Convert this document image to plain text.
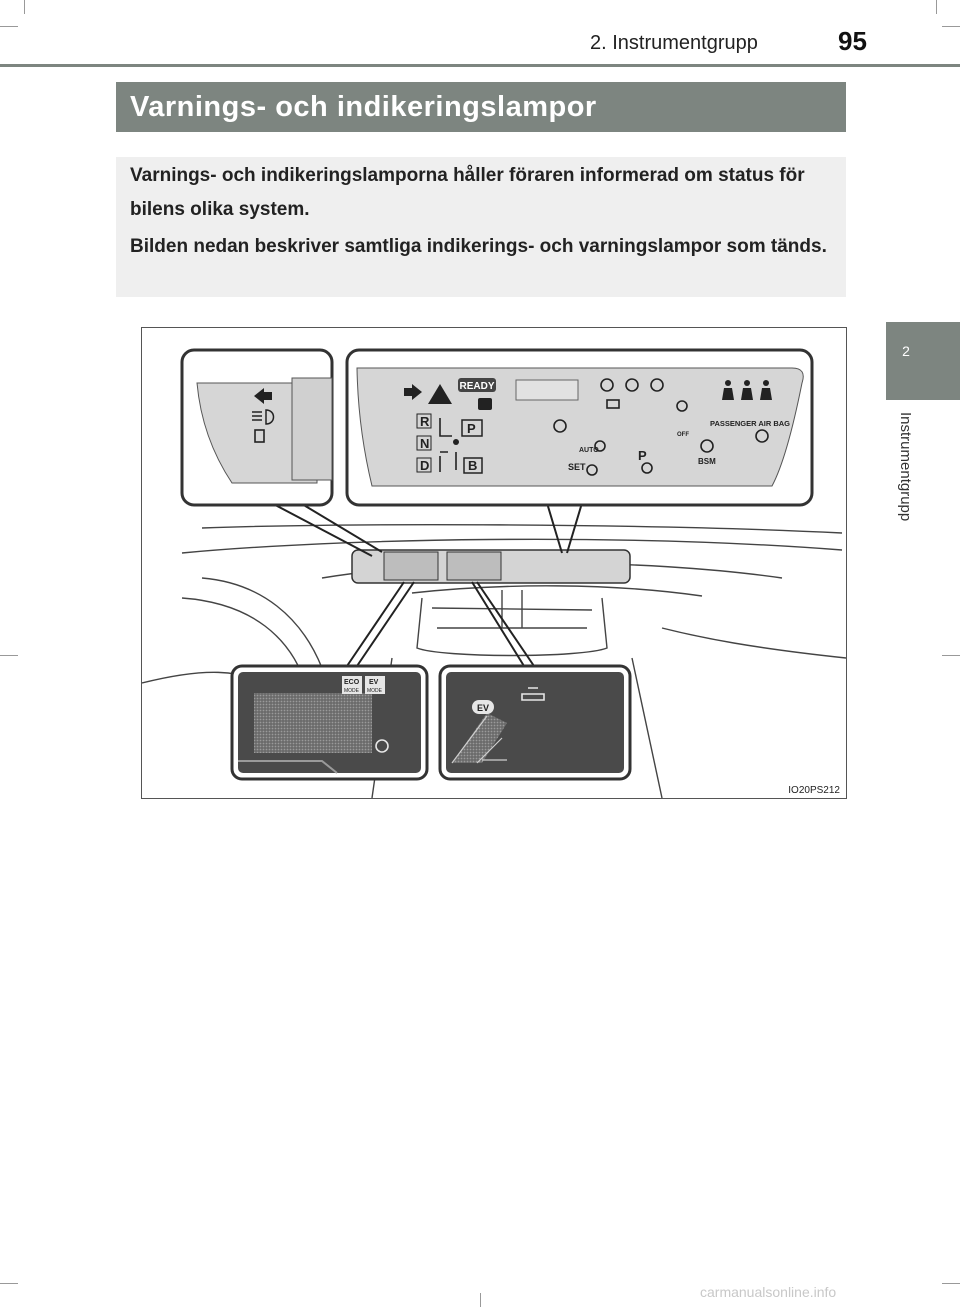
2. Instrumentgrupp	95
2
Instrumentgrupp
Varnings- och indikeringslampor

Varnings- och indikeringslamporna håller föraren informerad om status för bilens olika system.

Bilden nedan beskriver samtliga indikerings- och varningslampor som tänds.

READY
R
N
D
P
B
PASSENGER AIR BAG
AUTO
SET
P	BSM
OFF
ECO
MODE
EV
MODE
EV
IO20PS212
carmanualsonline.info
